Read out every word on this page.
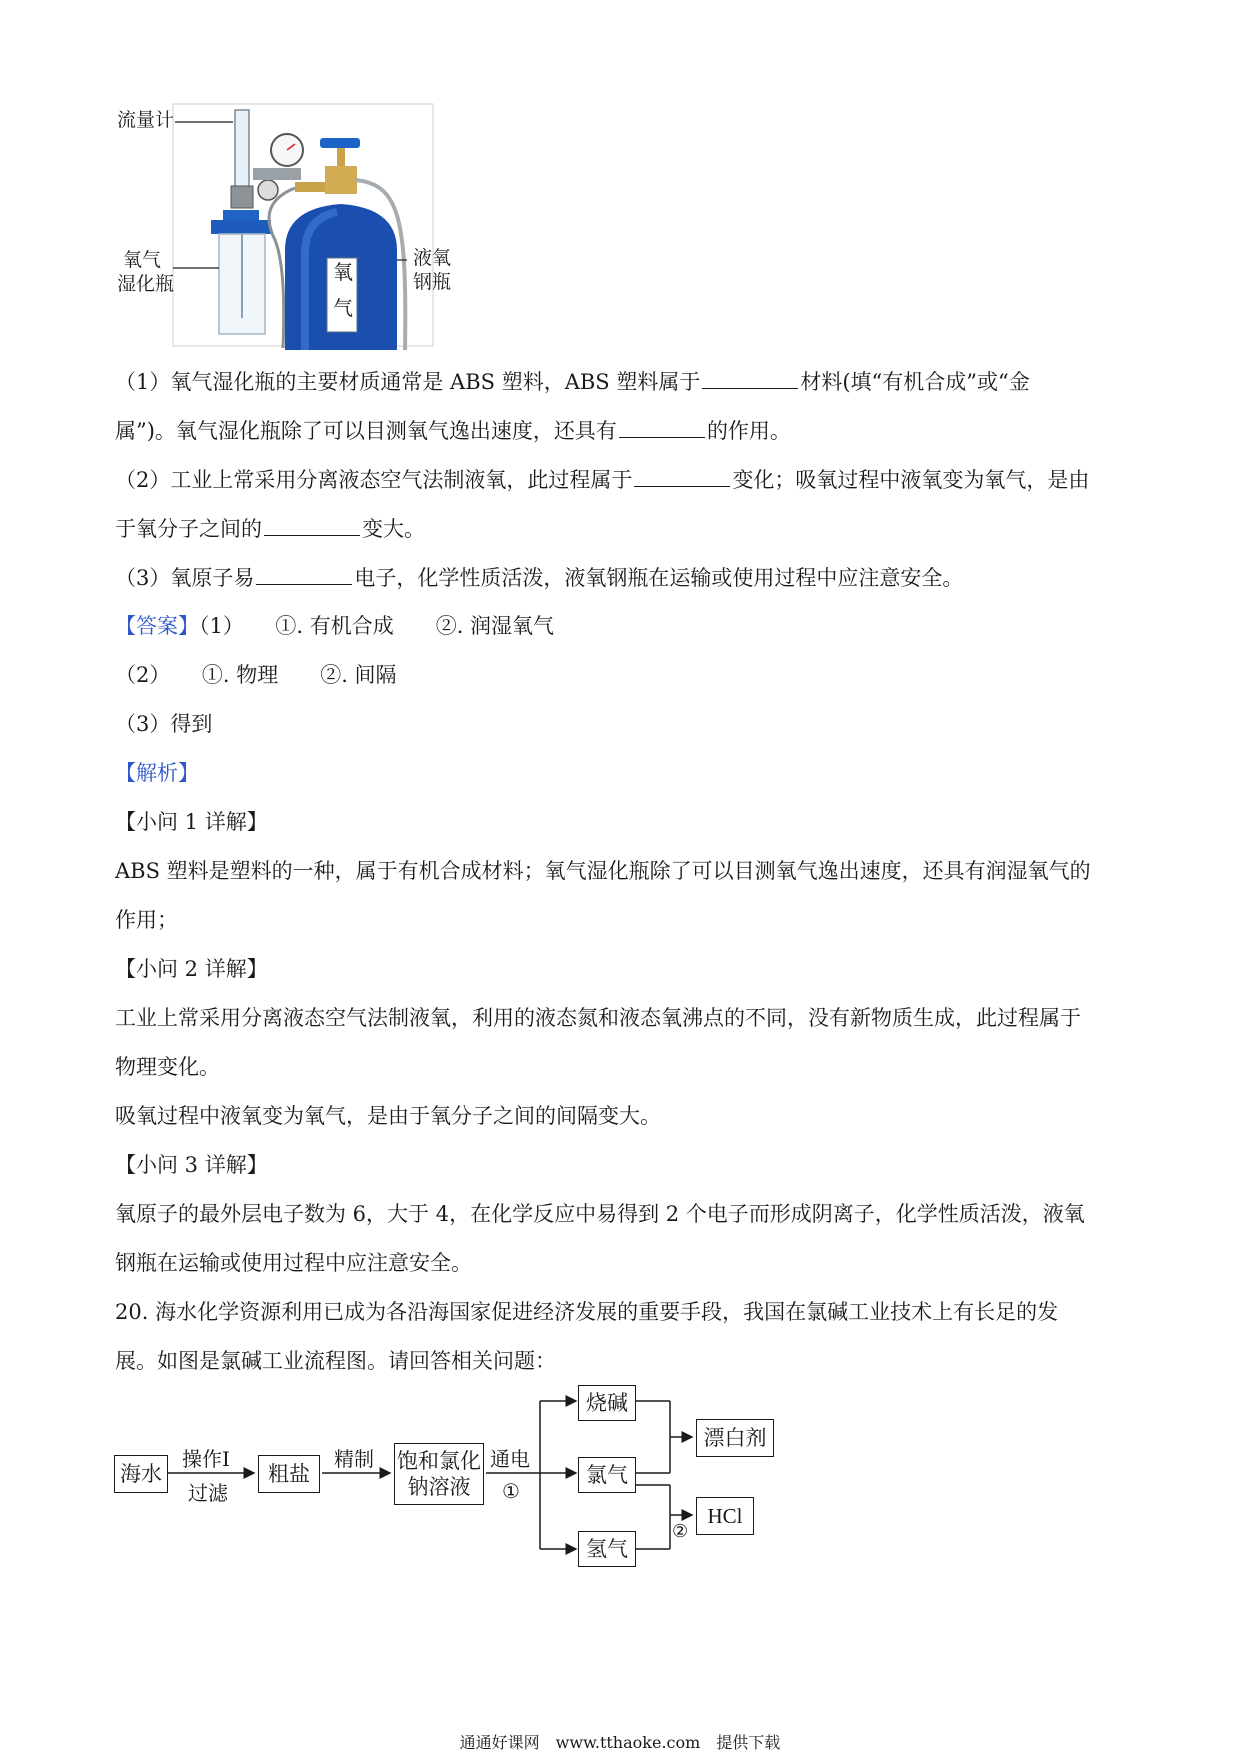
流量计
氧气
湿化瓶
液氧
钢瓶
氧
气
（1）氧气湿化瓶的主要材质通常是 ABS 塑料，ABS 塑料属于	材料(填“有机合成”或“金
属”)。氧气湿化瓶除了可以目测氧气逸出速度，还具有	的作用。
（2）工业上常采用分离液态空气法制液氧，此过程属于	变化；吸氧过程中液氧变为氧气，是由
于氧分子之间的	变大。
（3）氧原子易	电子，化学性质活泼，液氧钢瓶在运输或使用过程中应注意安全。
【答案】（1）　　①. 有机合成　　②. 润湿氧气
（2）　　①. 物理　　②. 间隔
（3）得到
【解析】
【小问 1 详解】
ABS 塑料是塑料的一种，属于有机合成材料；氧气湿化瓶除了可以目测氧气逸出速度，还具有润湿氧气的
作用；
【小问 2 详解】
工业上常采用分离液态空气法制液氧，利用的液态氮和液态氧沸点的不同，没有新物质生成，此过程属于
物理变化。
吸氧过程中液氧变为氧气，是由于氧分子之间的间隔变大。
【小问 3 详解】
氧原子的最外层电子数为 6，大于 4，在化学反应中易得到 2 个电子而形成阴离子，化学性质活泼，液氧
钢瓶在运输或使用过程中应注意安全。
20. 海水化学资源利用已成为各沿海国家促进经济发展的重要手段，我国在氯碱工业技术上有长足的发
展。如图是氯碱工业流程图。请回答相关问题：
海水
操作I
过滤
粗盐
精制 饱和氯化
钠溶液
通电
①
烧碱
氯气
氢气
漂白剂
HCl
②
通通好课网　www.tthaoke.com　提供下载
